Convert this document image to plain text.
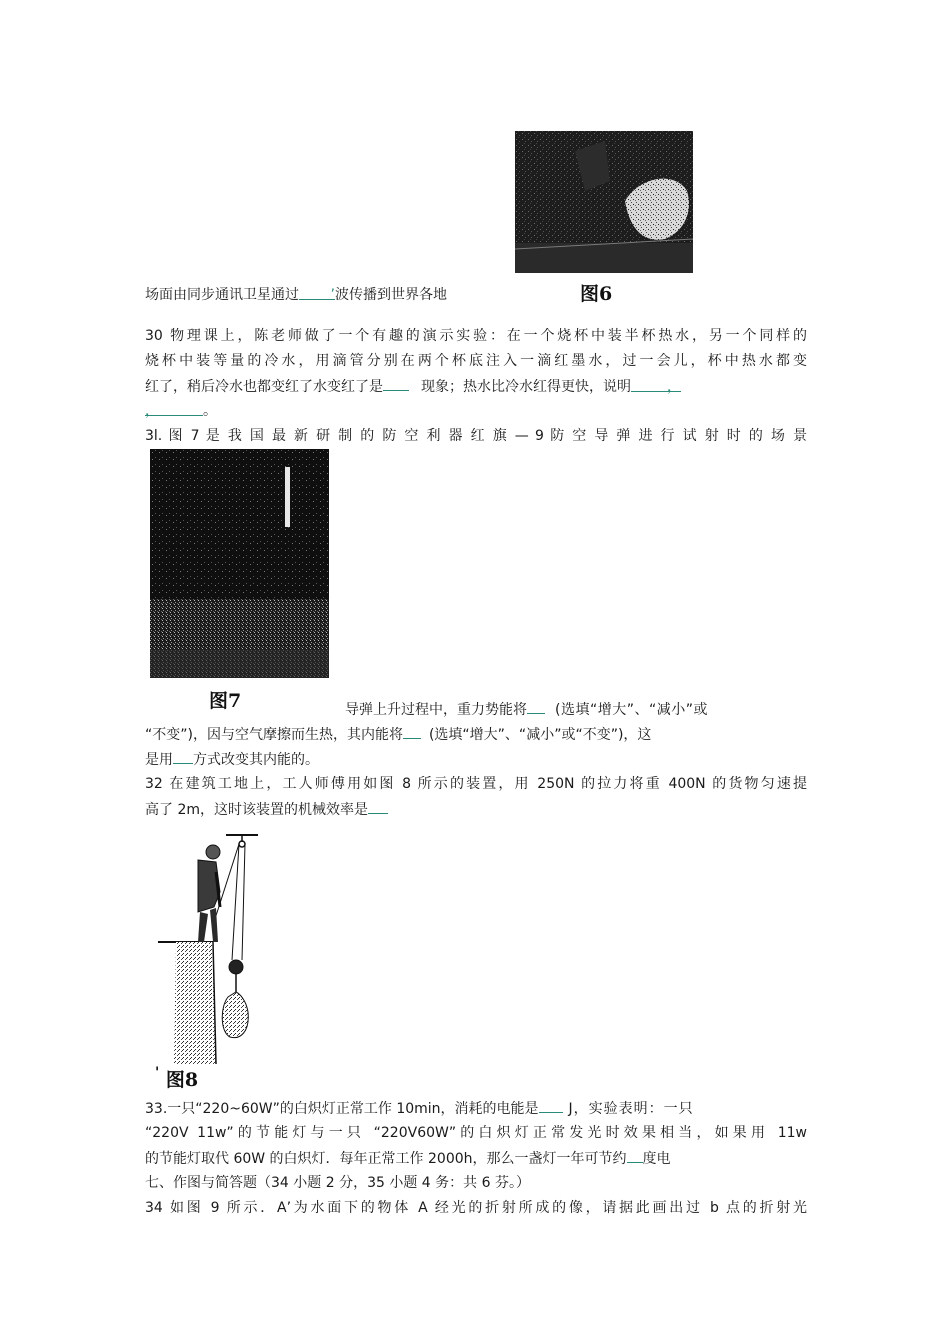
图6
场面由同步通讯卫星通过 ’波传播到世界各地
30 物理课上，陈老师做了一个有趣的演示实验：在一个烧杯中装半杯热水，另一个同样的
烧杯中装等量的冷水，用滴管分别在两个杯底注入一滴红墨水，过一会儿，杯中热水都变
红了，稍后冷水也都变红了水变红了是	现象；热水比冷水红得更快，说明	，
，	。
3l. 图 7 是 我 国 最 新 研 制 的 防 空 利 器 红 旗 — 9 防 空 导 弹 进 行 试 射 时 的 场 景
图7	导弹上升过程中，重力势能将 (选填“增大”、“减小”或
“不变”)，因与空气摩擦而生热，其内能将 (选填“增大”、“减小”或“不变”)，这
是用 方式改变其内能的。
32 在建筑工地上，工人师傅用如图 8 所示的装置，用 250N 的拉力将重 400N 的货物匀速提
高了 2m，这时该装置的机械效率是
' 图8
33.一只“220~60W”的白炽灯正常工作 10min，消耗的电能是 J，实验表明：一只
“220V 11w”的节能灯与一只 “220V60W”的白炽灯正常发光时效果相当，如果用 11w
的节能灯取代 60W 的白炽灯．每年正常工作 2000h，那么一盏灯一年可节约 度电
七、作图与简答题（34 小题 2 分，35 小题 4 务：共 6 芬。）
34 如图 9 所示．A’为水面下的物体 A 经光的折射所成的像，请据此画出过 b 点的折射光
